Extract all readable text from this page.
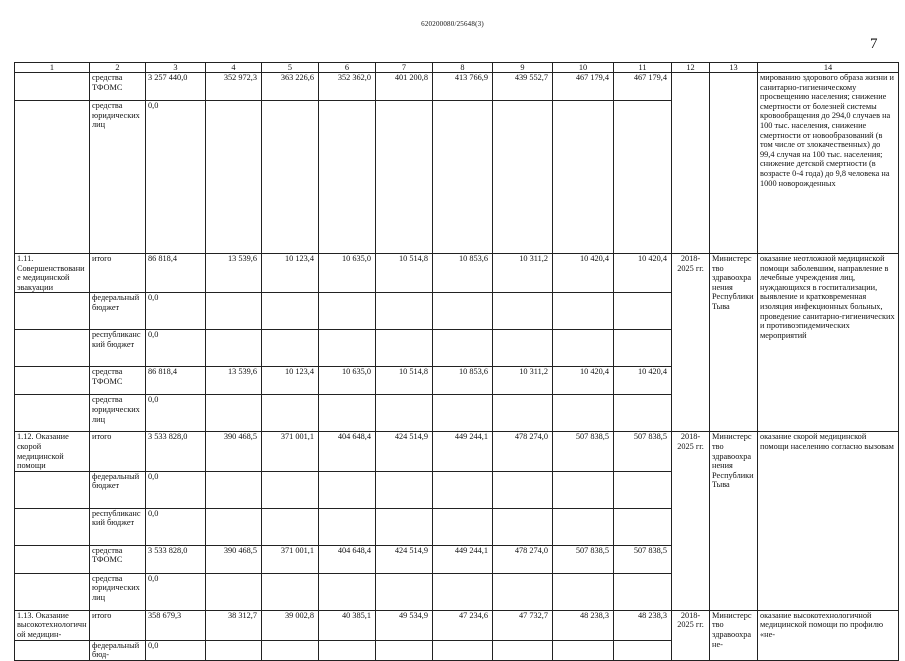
620200080/25648(3)
7
1	2	3	4	5	6	7	8	9	10	11	12	13	14
	средства ТФОМС	3 257 440,0	352 972,3	363 226,6	352 362,0	401 200,8	413 766,9	439 552,7	467 179,4	467 179,4			мированию здорового образа жизни и санитарно-гигиеническому просвещению населения; снижение смертности от болезней системы кровообращения до 294,0 случаев на 100 тыс. населения, снижение смертности от новообразований (в том числе от злокачественных) до 99,4 случая на 100 тыс. населения; снижение детской смертности (в возрасте 0-4 года) до 9,8 человека на 1000 новорожденных
	средства юридических лиц	0,0											
1.11. Совершенствование медицинской эвакуации	итого	86 818,4	13 539,6	10 123,4	10 635,0	10 514,8	10 853,6	10 311,2	10 420,4	10 420,4	2018-2025 гг.	Министерство здравоохранения Республики Тыва	оказание неотложной медицинской помощи заболевшим, направление в лечебные учреждения лиц, нуждающихся в госпитализации, выявление и кратковременная изоляция инфекционных больных, проведение санитарно-гигиенических и противоэпидемических мероприятий
	федеральный бюджет	0,0											
	республиканский бюджет	0,0											
	средства ТФОМС	86 818,4	13 539,6	10 123,4	10 635,0	10 514,8	10 853,6	10 311,2	10 420,4	10 420,4			
	средства юридических лиц	0,0											
1.12. Оказание скорой медицинской помощи	итого	3 533 828,0	390 468,5	371 001,1	404 648,4	424 514,9	449 244,1	478 274,0	507 838,5	507 838,5	2018-2025 гг.	Министерство здравоохранения Республики Тыва	оказание скорой медицинской помощи населению согласно вызовам
	федеральный бюджет	0,0											
	республиканский бюджет	0,0											
	средства ТФОМС	3 533 828,0	390 468,5	371 001,1	404 648,4	424 514,9	449 244,1	478 274,0	507 838,5	507 838,5			
	средства юридических лиц	0,0											
1.13. Оказание высокотехнологичной медицин-	итого	358 679,3	38 312,7	39 002,8	40 385,1	49 534,9	47 234,6	47 732,7	48 238,3	48 238,3	2018-2025 гг.	Министерство здравоохране-	оказание высокотехнологичной медицинской помощи по профилю «не-
	федеральный бюд-	0,0											
